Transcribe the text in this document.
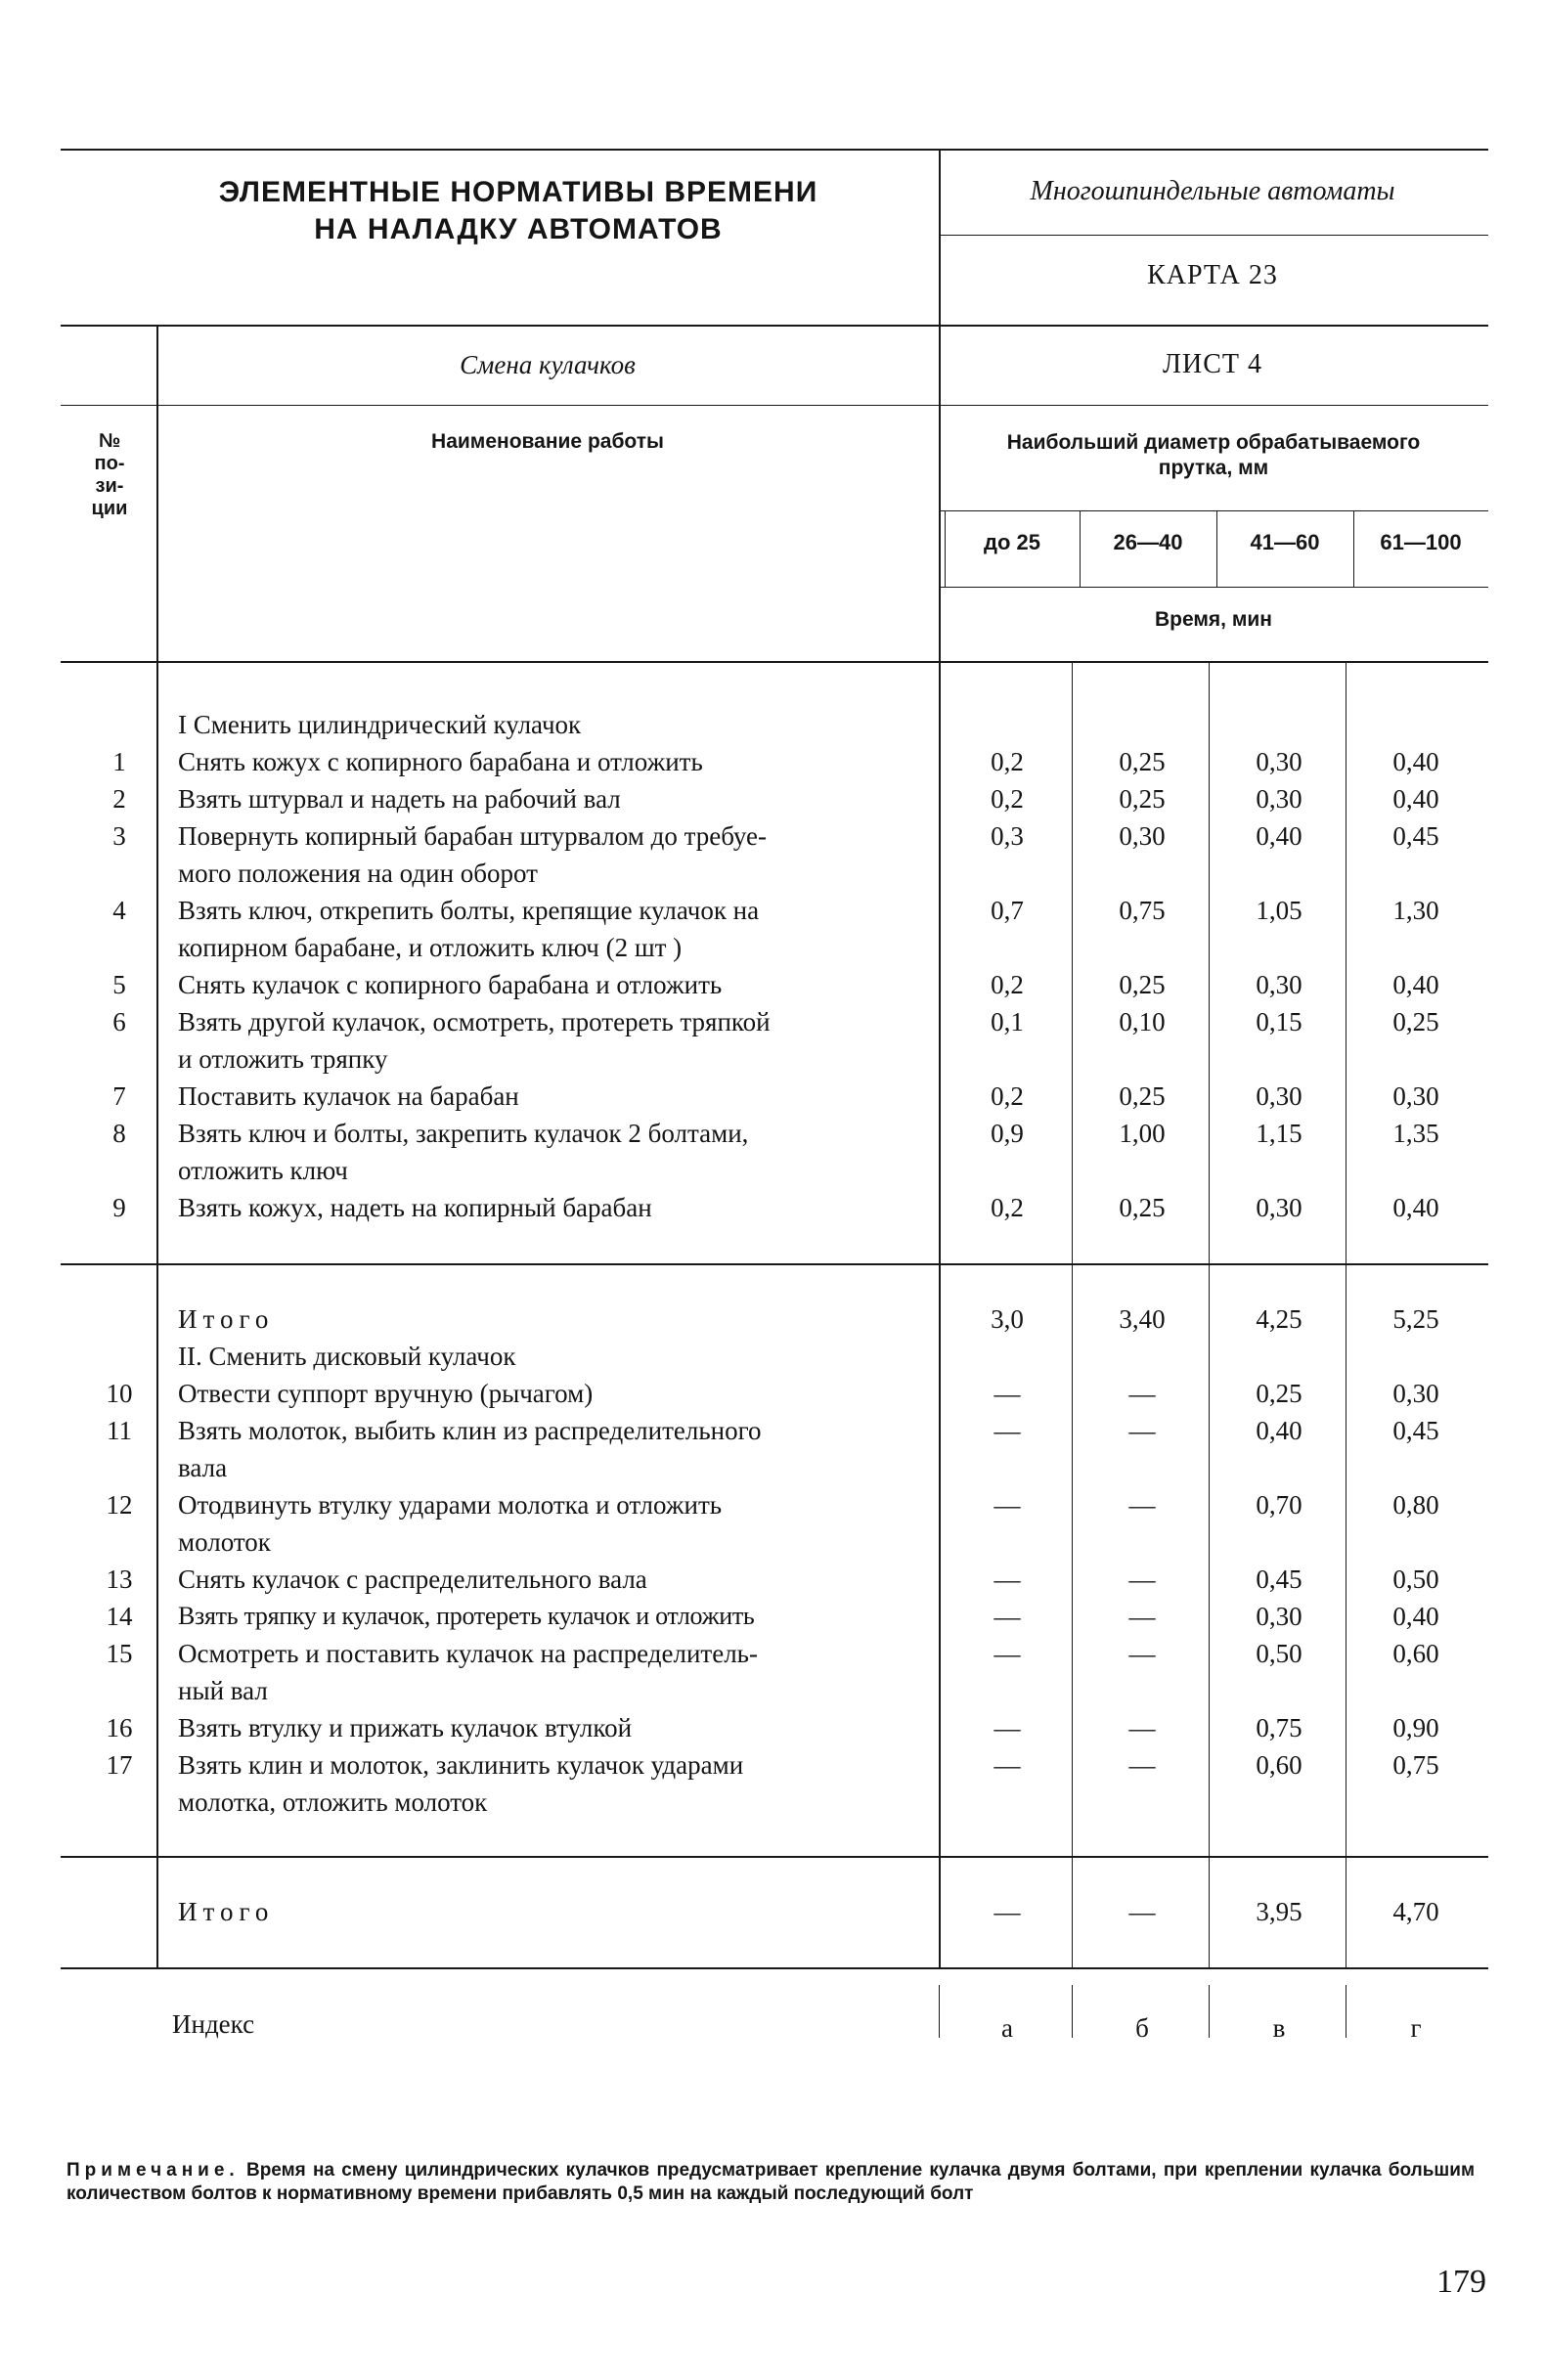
ЭЛЕМЕНТНЫЕ НОРМАТИВЫ ВРЕМЕНИ
НА НАЛАДКУ АВТОМАТОВ
Многошпиндельные автоматы
КАРТА 23
Смена кулачков	ЛИСТ 4
№
по-
зи-
ции
Наименование работы	Наибольший диаметр обрабатываемого
прутка, мм
до 25	26—40	41—60	61—100
Время, мин
I Сменить цилиндрический кулачок
1	Снять кожух с копирного барабана и отложить	0,2	0,25	0,30	0,40
2	Взять штурвал и надеть на рабочий вал	0,2	0,25	0,30	0,40
3	Повернуть копирный барабан штурвалом до требуе-
мого положения на один оборот
0,3	0,30	0,40	0,45
4	Взять ключ, открепить болты, крепящие кулачок на
копирном барабане, и отложить ключ (2 шт )
0,7	0,75	1,05	1,30
5	Снять кулачок с копирного барабана и отложить	0,2	0,25	0,30	0,40
6	Взять другой кулачок, осмотреть, протереть тряпкой
и отложить тряпку
0,1	0,10	0,15	0,25
7	Поставить кулачок на барабан	0,2	0,25	0,30	0,30
8	Взять ключ и болты, закрепить кулачок 2 болтами,
отложить ключ
0,9	1,00	1,15	1,35
9	Взять кожух, надеть на копирный барабан	0,2	0,25	0,30	0,40
Итого	3,0	3,40	4,25	5,25
II. Сменить дисковый кулачок
10	Отвести суппорт вручную (рычагом)	—	—	0,25	0,30
11	Взять молоток, выбить клин из распределительного
вала
—	—	0,40	0,45
12	Отодвинуть втулку ударами молотка и отложить
молоток
—	—	0,70	0,80
13	Снять кулачок с распределительного вала	—	—	0,45	0,50
14	Взять тряпку и кулачок, протереть кулачок и отложить	—	—	0,30	0,40
15	Осмотреть и поставить кулачок на распределитель-
ный вал
—	—	0,50	0,60
16	Взять втулку и прижать кулачок втулкой	—	—	0,75	0,90
17	Взять клин и молоток, заклинить кулачок ударами
молотка, отложить молоток
—	—	0,60	0,75
Итого	—	—	3,95	4,70
Индекс	а	б	в	г
Примечание. Время на смену цилиндрических кулачков предусматривает крепление кулачка двумя болтами, при креплении кулачка большим количеством болтов к нормативному времени прибавлять 0,5 мин на каждый последующий болт
179
